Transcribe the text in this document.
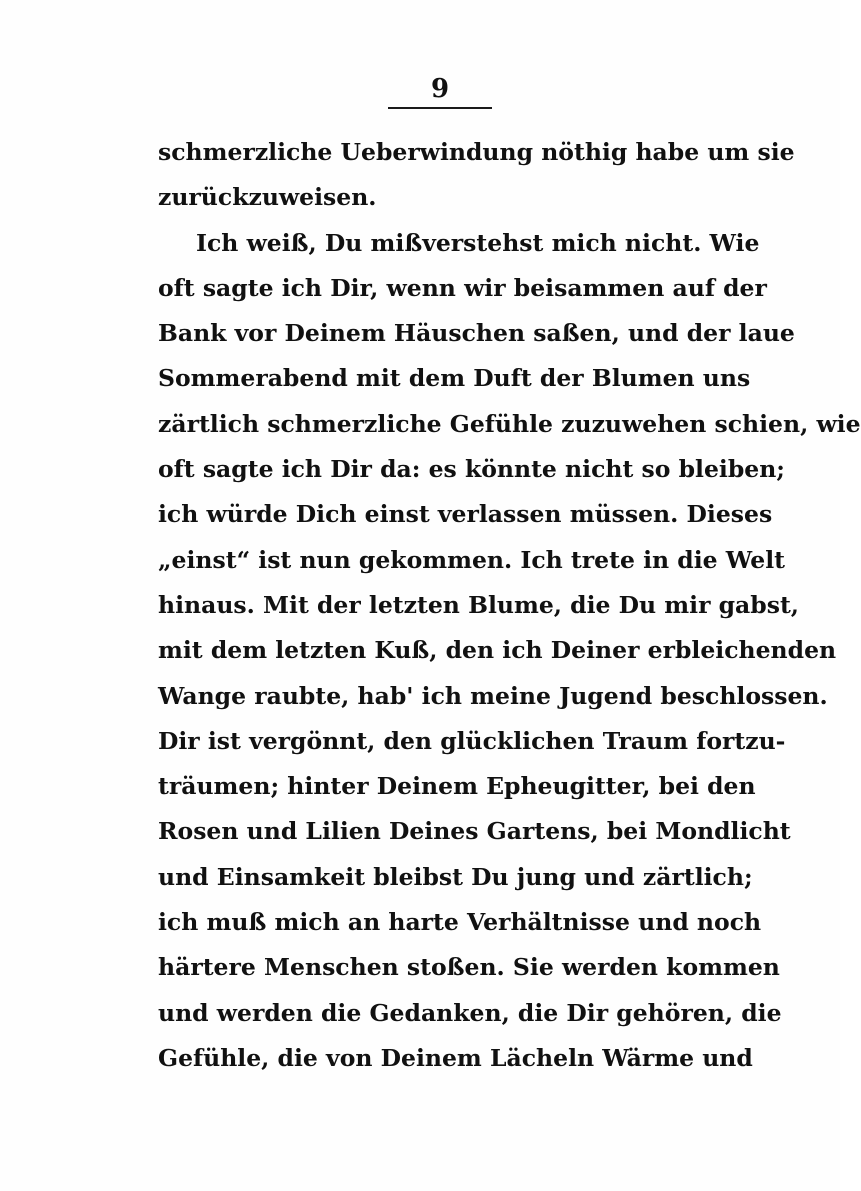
9
schmerzliche Ueberwindung nöthig habe um sie
zurückzuweisen.
Ich weiß, Du mißverstehst mich nicht. Wie
oft sagte ich Dir, wenn wir beisammen auf der
Bank vor Deinem Häuschen saßen, und der laue
Sommerabend mit dem Duft der Blumen uns
zärtlich schmerzliche Gefühle zuzuwehen schien, wie
oft sagte ich Dir da: es könnte nicht so bleiben;
ich würde Dich einst verlassen müssen. Dieses
„einst“ ist nun gekommen. Ich trete in die Welt
hinaus. Mit der letzten Blume, die Du mir gabst,
mit dem letzten Kuß, den ich Deiner erbleichenden
Wange raubte, hab' ich meine Jugend beschlossen.
Dir ist vergönnt, den glücklichen Traum fortzu-
träumen; hinter Deinem Epheugitter, bei den
Rosen und Lilien Deines Gartens, bei Mondlicht
und Einsamkeit bleibst Du jung und zärtlich;
ich muß mich an harte Verhältnisse und noch
härtere Menschen stoßen. Sie werden kommen
und werden die Gedanken, die Dir gehören, die
Gefühle, die von Deinem Lächeln Wärme und
